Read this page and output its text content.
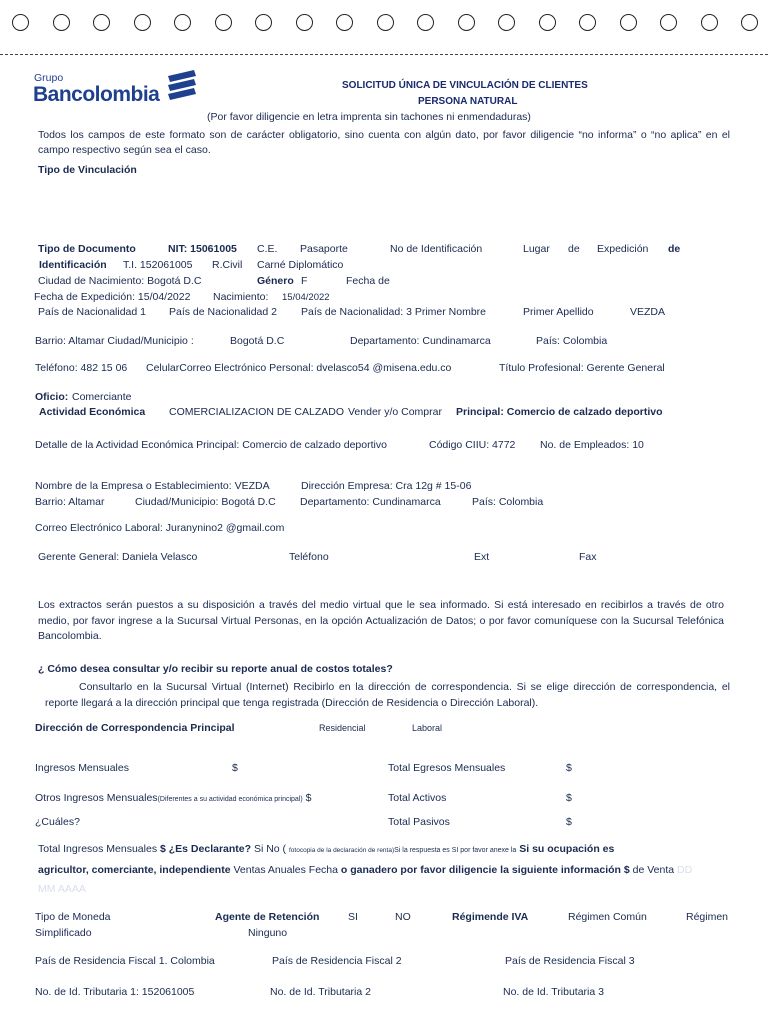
Grupo
Bancolombia	SOLICITUD ÚNICA DE VINCULACIÓN DE CLIENTES
PERSONA NATURAL
(Por favor diligencie en letra imprenta sin tachones ni enmendaduras)
Todos los campos de este formato son de carácter obligatorio, sino cuenta con algún dato, por favor diligencie “no informa” o “no aplica” en el campo respectivo según sea el caso.
Tipo de Vinculación
Tipo de Documento	NIT: 15061005 C.E. Pasaporte	No de Identificación	Lugar de Expedición de
Identificación T.I. 152061005 R.Civil Carné Diplomático
Ciudad de Nacimiento: Bogotá D.C	Género F	Fecha de
Fecha de Expedición: 15/04/2022 Nacimiento: 15/04/2022
País de Nacionalidad 1 País de Nacionalidad 2 País de Nacionalidad: 3 Primer Nombre	Primer Apellido	VEZDA
Barrio: Altamar Ciudad/Municipio :	Bogotá D.C	Departamento: Cundinamarca	País: Colombia
Teléfono: 482 15 06 CelularCorreo Electrónico Personal: dvelasco54 @misena.edu.co	Título Profesional: Gerente General
Oficio: Comerciante
Actividad Económica COMERCIALIZACION DE CALZADO Vender y/o Comprar Principal: Comercio de calzado deportivo
Detalle de la Actividad Económica Principal: Comercio de calzado deportivo	Código CIIU: 4772 No. de Empleados: 10
Nombre de la Empresa o Establecimiento: VEZDA	Dirección Empresa: Cra 12g # 15-06
Barrio: Altamar	Ciudad/Municipio: Bogotá D.C Departamento: Cundinamarca	País: Colombia
Correo Electrónico Laboral: Juranynino2 @gmail.com
Gerente General: Daniela Velasco	Teléfono	Ext	Fax
Los extractos serán puestos a su disposición a través del medio virtual que le sea informado. Si está interesado en recibirlos a través de otro medio, por favor ingrese a la Sucursal Virtual Personas, en la opción Actualización de Datos; o por favor comuníquese con la Sucursal Telefónica Bancolombia.
¿ Cómo desea consultar y/o recibir su reporte anual de costos totales?
Consultarlo en la Sucursal Virtual (Internet) Recibirlo en la dirección de correspondencia. Si se elige dirección de correspondencia, el reporte llegará a la dirección principal que tenga registrada (Dirección de Residencia o Dirección Laboral).
Dirección de Correspondencia Principal	Residencial	Laboral
Ingresos Mensuales	$	Total Egresos Mensuales	$
Otros Ingresos Mensuales(Diferentes a su actividad económica principal) $	Total Activos	$
¿Cuáles?	Total Pasivos	$
Total Ingresos Mensuales $ ¿Es Declarante? Si No ( fotocopia de la declaración de renta)Si la respuesta es SI por favor anexe la Si su ocupación es
agricultor, comerciante, independiente Ventas Anuales Fecha o ganadero por favor diligencie la siguiente información $ de Venta DD
MM AAAA
Tipo de Moneda	Agente de Retención	SI	NO	Régimende IVA	Régimen Común	Régimen
Simplificado	Ninguno
País de Residencia Fiscal 1. Colombia	País de Residencia Fiscal 2	País de Residencia Fiscal 3
No. de Id. Tributaria 1: 152061005	No. de Id. Tributaria 2	No. de Id. Tributaria 3
